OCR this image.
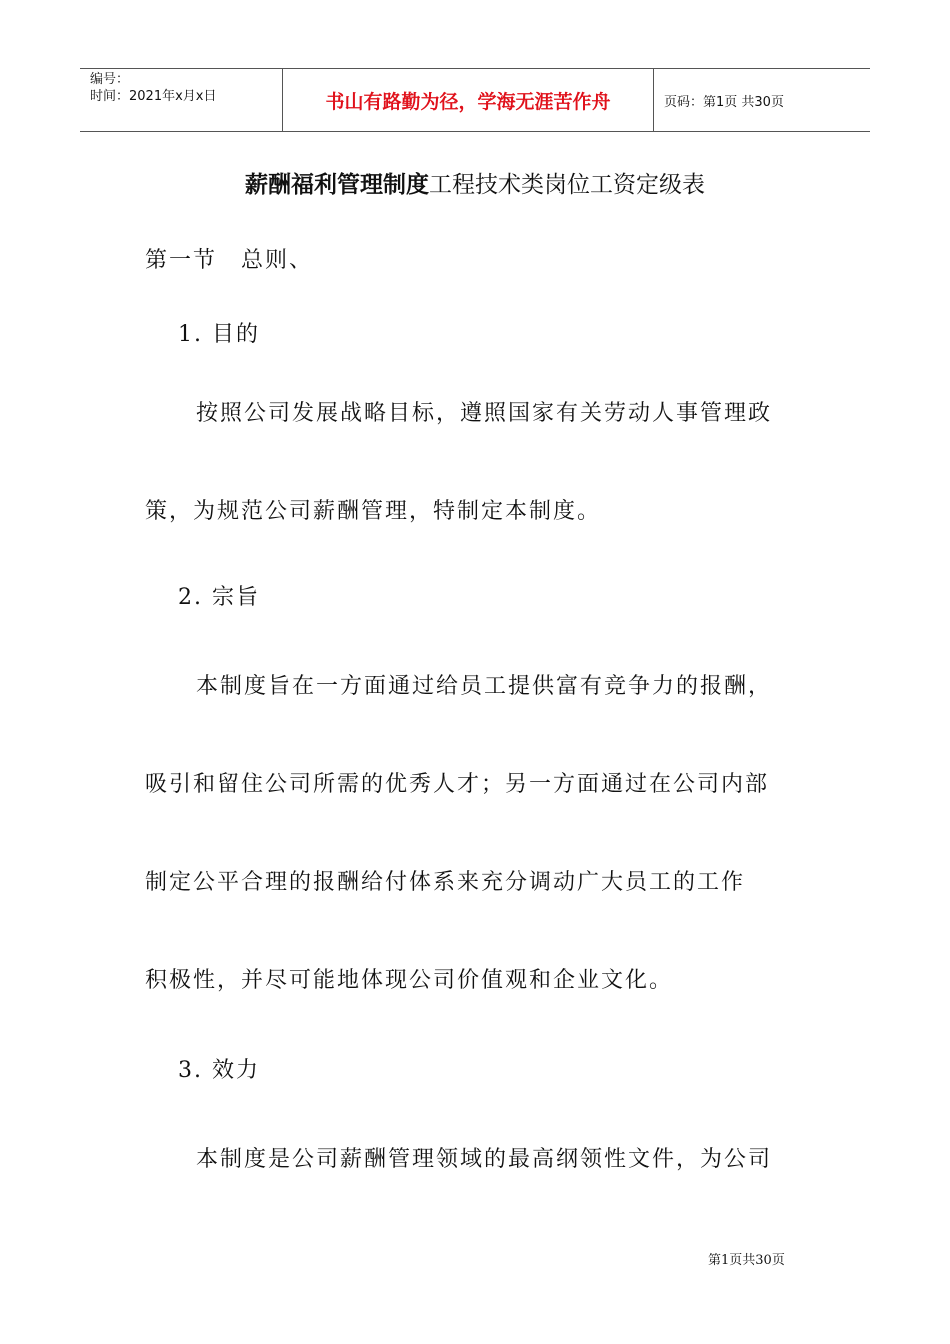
编号：
时间：2021年x月x日	书山有路勤为径，学海无涯苦作舟	页码：第1页 共30页
薪酬福利管理制度工程技术类岗位工资定级表
第一节　总则、
1. 目的
按照公司发展战略目标，遵照国家有关劳动人事管理政
策，为规范公司薪酬管理，特制定本制度。
2. 宗旨
本制度旨在一方面通过给员工提供富有竞争力的报酬，
吸引和留住公司所需的优秀人才；另一方面通过在公司内部
制定公平合理的报酬给付体系来充分调动广大员工的工作
积极性，并尽可能地体现公司价值观和企业文化。
3. 效力
本制度是公司薪酬管理领域的最高纲领性文件，为公司
第1页共30页
